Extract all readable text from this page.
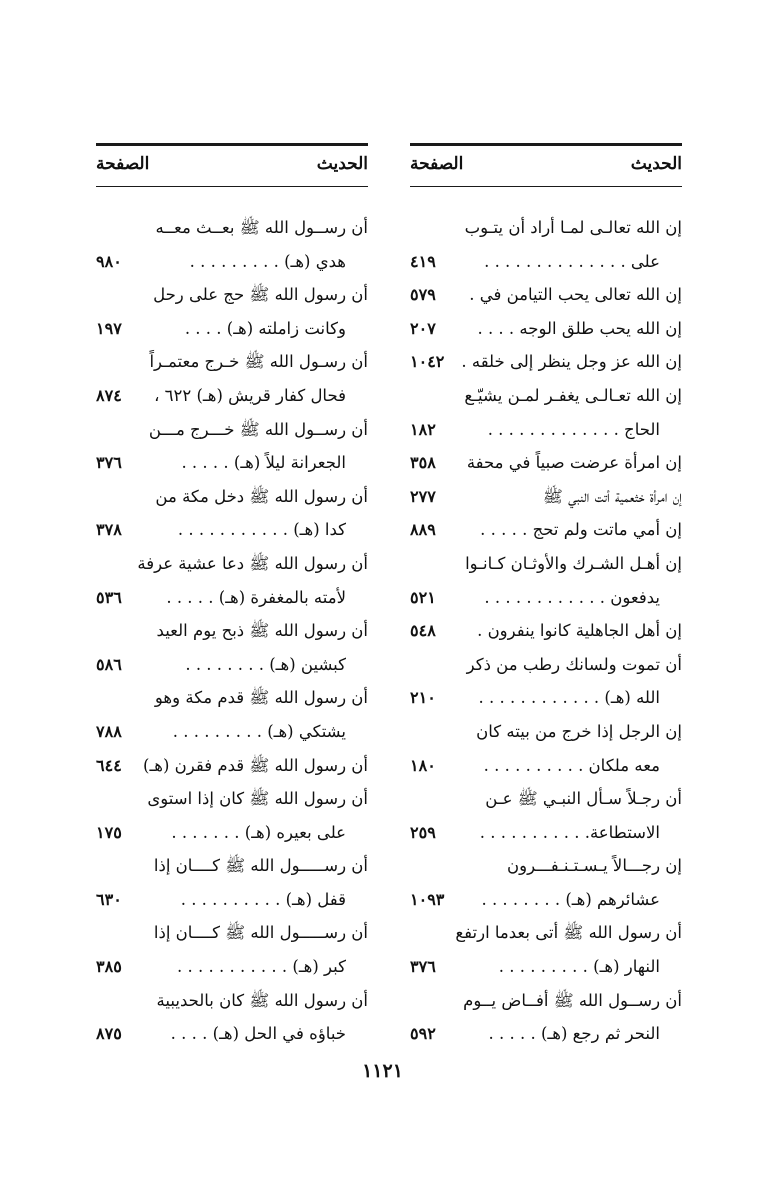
الحديث
الصفحة
إن الله تعالـى لمـا أراد أن يتـوب
على . . . . . . . . . . . . . .
٤١٩
إن الله تعالى يحب التيامن في .
٥٧٩
إن الله يحب طلق الوجه . . . .
٢٠٧
إن الله عز وجل ينظر إلى خلقه .
١٠٤٢
إن الله تعـالـى يغفـر لمـن يشيّـع
الحاج . . . . . . . . . . . . .
١٨٢
إن امرأة عرضت صبياً في محفة
٣٥٨
إن امرأة خثعمية أتت النبي ﷺ
٢٧٧
إن أمي ماتت ولم تحج . . . . .
٨٨٩
إن أهـل الشـرك والأوثـان كـانـوا
يدفعون . . . . . . . . . . . .
٥٢١
إن أهل الجاهلية كانوا ينفرون .
٥٤٨
أن تموت ولسانك رطب من ذكر
الله (هـ) . . . . . . . . . . . .
٢١٠
إن الرجل إذا خرج من بيته كان
معه ملكان . . . . . . . . . .
١٨٠
أن رجـلاً سـأل النبـي ﷺ عـن
الاستطاعة. . . . . . . . . . .
٢٥٩
إن رجـــالاً يـسـتـنـفـــرون
عشائرهم (هـ) . . . . . . . .
١٠٩٣
أن رسول الله ﷺ أتى بعدما ارتفع
النهار (هـ) . . . . . . . . .
٣٧٦
أن رســول الله ﷺ أفــاض يــوم
النحر ثم رجع (هـ) . . . . .
٥٩٢
الحديث
الصفحة
أن رســول الله ﷺ بعــث معــه
هدي (هـ) . . . . . . . . .
٩٨٠
أن رسول الله ﷺ حج على رحل
وكانت زاملته (هـ) . . . .
١٩٧
أن رسـول الله ﷺ خـرج معتمـراً
فحال كفار قريش (هـ) ٦٢٢ ،
٨٧٤
أن رســول الله ﷺ خـــرج مـــن
الجعرانة ليلاً (هـ) . . . . .
٣٧٦
أن رسول الله ﷺ دخل مكة من
كدا (هـ) . . . . . . . . . . .
٣٧٨
أن رسول الله ﷺ دعا عشية عرفة
لأمته بالمغفرة (هـ) . . . . .
٥٣٦
أن رسول الله ﷺ ذبح يوم العيد
كبشين (هـ) . . . . . . . .
٥٨٦
أن رسول الله ﷺ قدم مكة وهو
يشتكي (هـ) . . . . . . . . .
٧٨٨
أن رسول الله ﷺ قدم فقرن (هـ)
٦٤٤
أن رسول الله ﷺ كان إذا استوى
على بعيره (هـ) . . . . . . .
١٧٥
أن رســـــول الله ﷺ كــــان إذا
قفل (هـ) . . . . . . . . . .
٦٣٠
أن رســـــول الله ﷺ كــــان إذا
كبر (هـ) . . . . . . . . . . .
٣٨٥
أن رسول الله ﷺ كان بالحديبية
خباؤه في الحل (هـ) . . . .
٨٧٥
١١٢١
